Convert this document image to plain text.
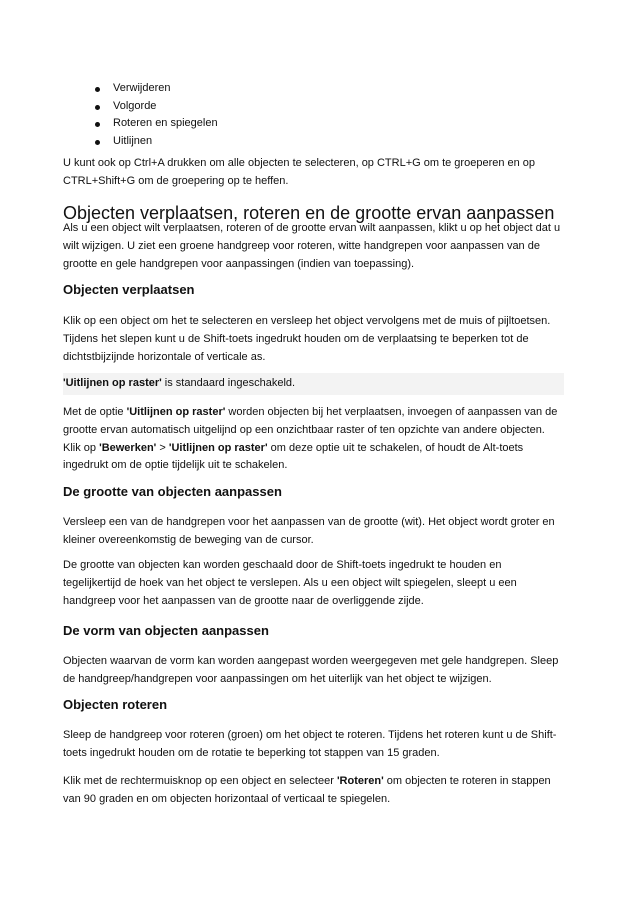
Verwijderen
Volgorde
Roteren en spiegelen
Uitlijnen

U kunt ook op Ctrl+A drukken om alle objecten te selecteren, op CTRL+G om te groeperen en op
CTRL+Shift+G om de groepering op te heffen.

Objecten verplaatsen, roteren en de grootte ervan aanpassen

Als u een object wilt verplaatsen, roteren of de grootte ervan wilt aanpassen, klikt u op het object dat u
wilt wijzigen. U ziet een groene handgreep voor roteren, witte handgrepen voor aanpassen van de
grootte en gele handgrepen voor aanpassingen (indien van toepassing).

Objecten verplaatsen

Klik op een object om het te selecteren en versleep het object vervolgens met de muis of pijltoetsen.
Tijdens het slepen kunt u de Shift-toets ingedrukt houden om de verplaatsing te beperken tot de
dichtstbijzijnde horizontale of verticale as.

'Uitlijnen op raster' is standaard ingeschakeld.

Met de optie 'Uitlijnen op raster' worden objecten bij het verplaatsen, invoegen of aanpassen van de
grootte ervan automatisch uitgelijnd op een onzichtbaar raster of ten opzichte van andere objecten.
Klik op 'Bewerken' > 'Uitlijnen op raster' om deze optie uit te schakelen, of houdt de Alt-toets
ingedrukt om de optie tijdelijk uit te schakelen.

De grootte van objecten aanpassen

Versleep een van de handgrepen voor het aanpassen van de grootte (wit). Het object wordt groter en
kleiner overeenkomstig de beweging van de cursor.

De grootte van objecten kan worden geschaald door de Shift-toets ingedrukt te houden en
tegelijkertijd de hoek van het object te verslepen. Als u een object wilt spiegelen, sleept u een
handgreep voor het aanpassen van de grootte naar de overliggende zijde.

De vorm van objecten aanpassen

Objecten waarvan de vorm kan worden aangepast worden weergegeven met gele handgrepen. Sleep
de handgreep/handgrepen voor aanpassingen om het uiterlijk van het object te wijzigen.

Objecten roteren

Sleep de handgreep voor roteren (groen) om het object te roteren. Tijdens het roteren kunt u de Shift-
toets ingedrukt houden om de rotatie te beperking tot stappen van 15 graden.

Klik met de rechtermuisknop op een object en selecteer 'Roteren' om objecten te roteren in stappen
van 90 graden en om objecten horizontaal of verticaal te spiegelen.
